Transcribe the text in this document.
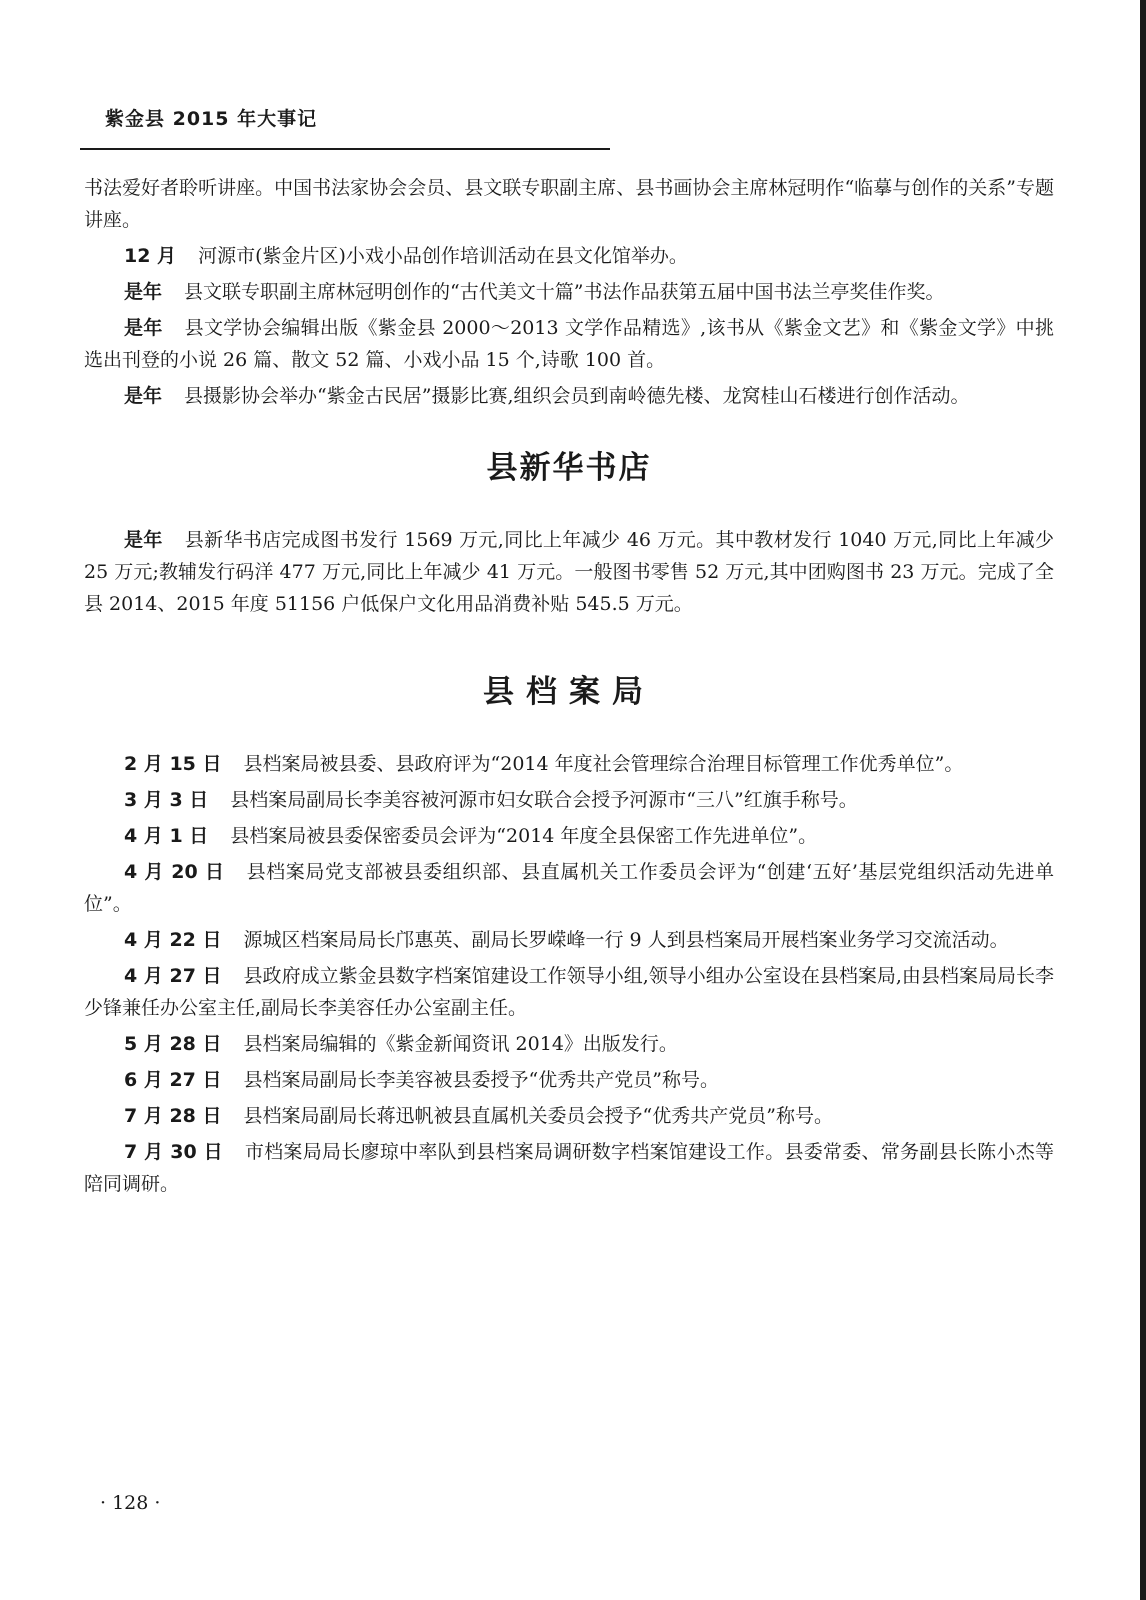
紫金县 2015 年大事记

书法爱好者聆听讲座。中国书法家协会会员、县文联专职副主席、县书画协会主席林冠明作“临摹与创作的关系”专题讲座。

12 月 河源市(紫金片区)小戏小品创作培训活动在县文化馆举办。

是年 县文联专职副主席林冠明创作的“古代美文十篇”书法作品获第五届中国书法兰亭奖佳作奖。

是年 县文学协会编辑出版《紫金县 2000～2013 文学作品精选》,该书从《紫金文艺》和《紫金文学》中挑选出刊登的小说 26 篇、散文 52 篇、小戏小品 15 个,诗歌 100 首。

是年 县摄影协会举办“紫金古民居”摄影比赛,组织会员到南岭德先楼、龙窝桂山石楼进行创作活动。

县新华书店

是年 县新华书店完成图书发行 1569 万元,同比上年减少 46 万元。其中教材发行 1040 万元,同比上年减少 25 万元;教辅发行码洋 477 万元,同比上年减少 41 万元。一般图书零售 52 万元,其中团购图书 23 万元。完成了全县 2014、2015 年度 51156 户低保户文化用品消费补贴 545.5 万元。

县档案局

2 月 15 日 县档案局被县委、县政府评为“2014 年度社会管理综合治理目标管理工作优秀单位”。

3 月 3 日 县档案局副局长李美容被河源市妇女联合会授予河源市“三八”红旗手称号。

4 月 1 日 县档案局被县委保密委员会评为“2014 年度全县保密工作先进单位”。

4 月 20 日 县档案局党支部被县委组织部、县直属机关工作委员会评为“创建‘五好’基层党组织活动先进单位”。

4 月 22 日 源城区档案局局长邝惠英、副局长罗嵘峰一行 9 人到县档案局开展档案业务学习交流活动。

4 月 27 日 县政府成立紫金县数字档案馆建设工作领导小组,领导小组办公室设在县档案局,由县档案局局长李少锋兼任办公室主任,副局长李美容任办公室副主任。

5 月 28 日 县档案局编辑的《紫金新闻资讯 2014》出版发行。

6 月 27 日 县档案局副局长李美容被县委授予“优秀共产党员”称号。

7 月 28 日 县档案局副局长蒋迅帆被县直属机关委员会授予“优秀共产党员”称号。

7 月 30 日 市档案局局长廖琼中率队到县档案局调研数字档案馆建设工作。县委常委、常务副县长陈小杰等陪同调研。

· 128 ·
